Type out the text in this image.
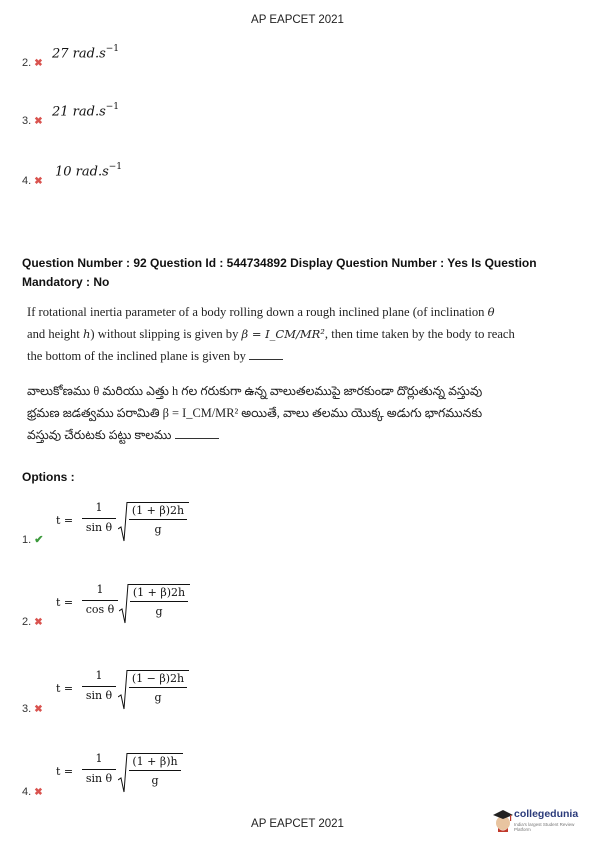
AP EAPCET 2021
27 $rad.s^{-1}$
2. ✖
21 $rad.s^{-1}$
3. ✖
10 $rad.s^{-1}$
4. ✖
Question Number : 92 Question Id : 544734892 Display Question Number : Yes Is Question
Mandatory : No
If rotational inertia parameter of a body rolling down a rough inclined plane (of inclination θ
and height h) without slipping is given by β = I_CM/MR², then time taken by the body to reach
the bottom of the inclined plane is given by
వాలుకోణము θ మరియు ఎత్తు h గల గరుకుగా ఉన్న వాలుతలముపై జారకుండా దొర్లుతున్న వస్తువు
భ్రమణ జడత్వము పరామితి β = I_CM/MR² అయితే, వాలు తలము యొక్క అడుగు భాగమునకు
వస్తువు చేరుటకు పట్టు కాలము
Options :
t =
1
sin θ
(1 + β)2h
g
1. ✔
t =
1
cos θ
(1 + β)2h
g
2. ✖
t =
1
sin θ
(1 − β)2h
g
3. ✖
t =
1
sin θ
(1 + β)h
g
4. ✖
AP EAPCET 2021
collegedunia
India's largest Student Review Platform
